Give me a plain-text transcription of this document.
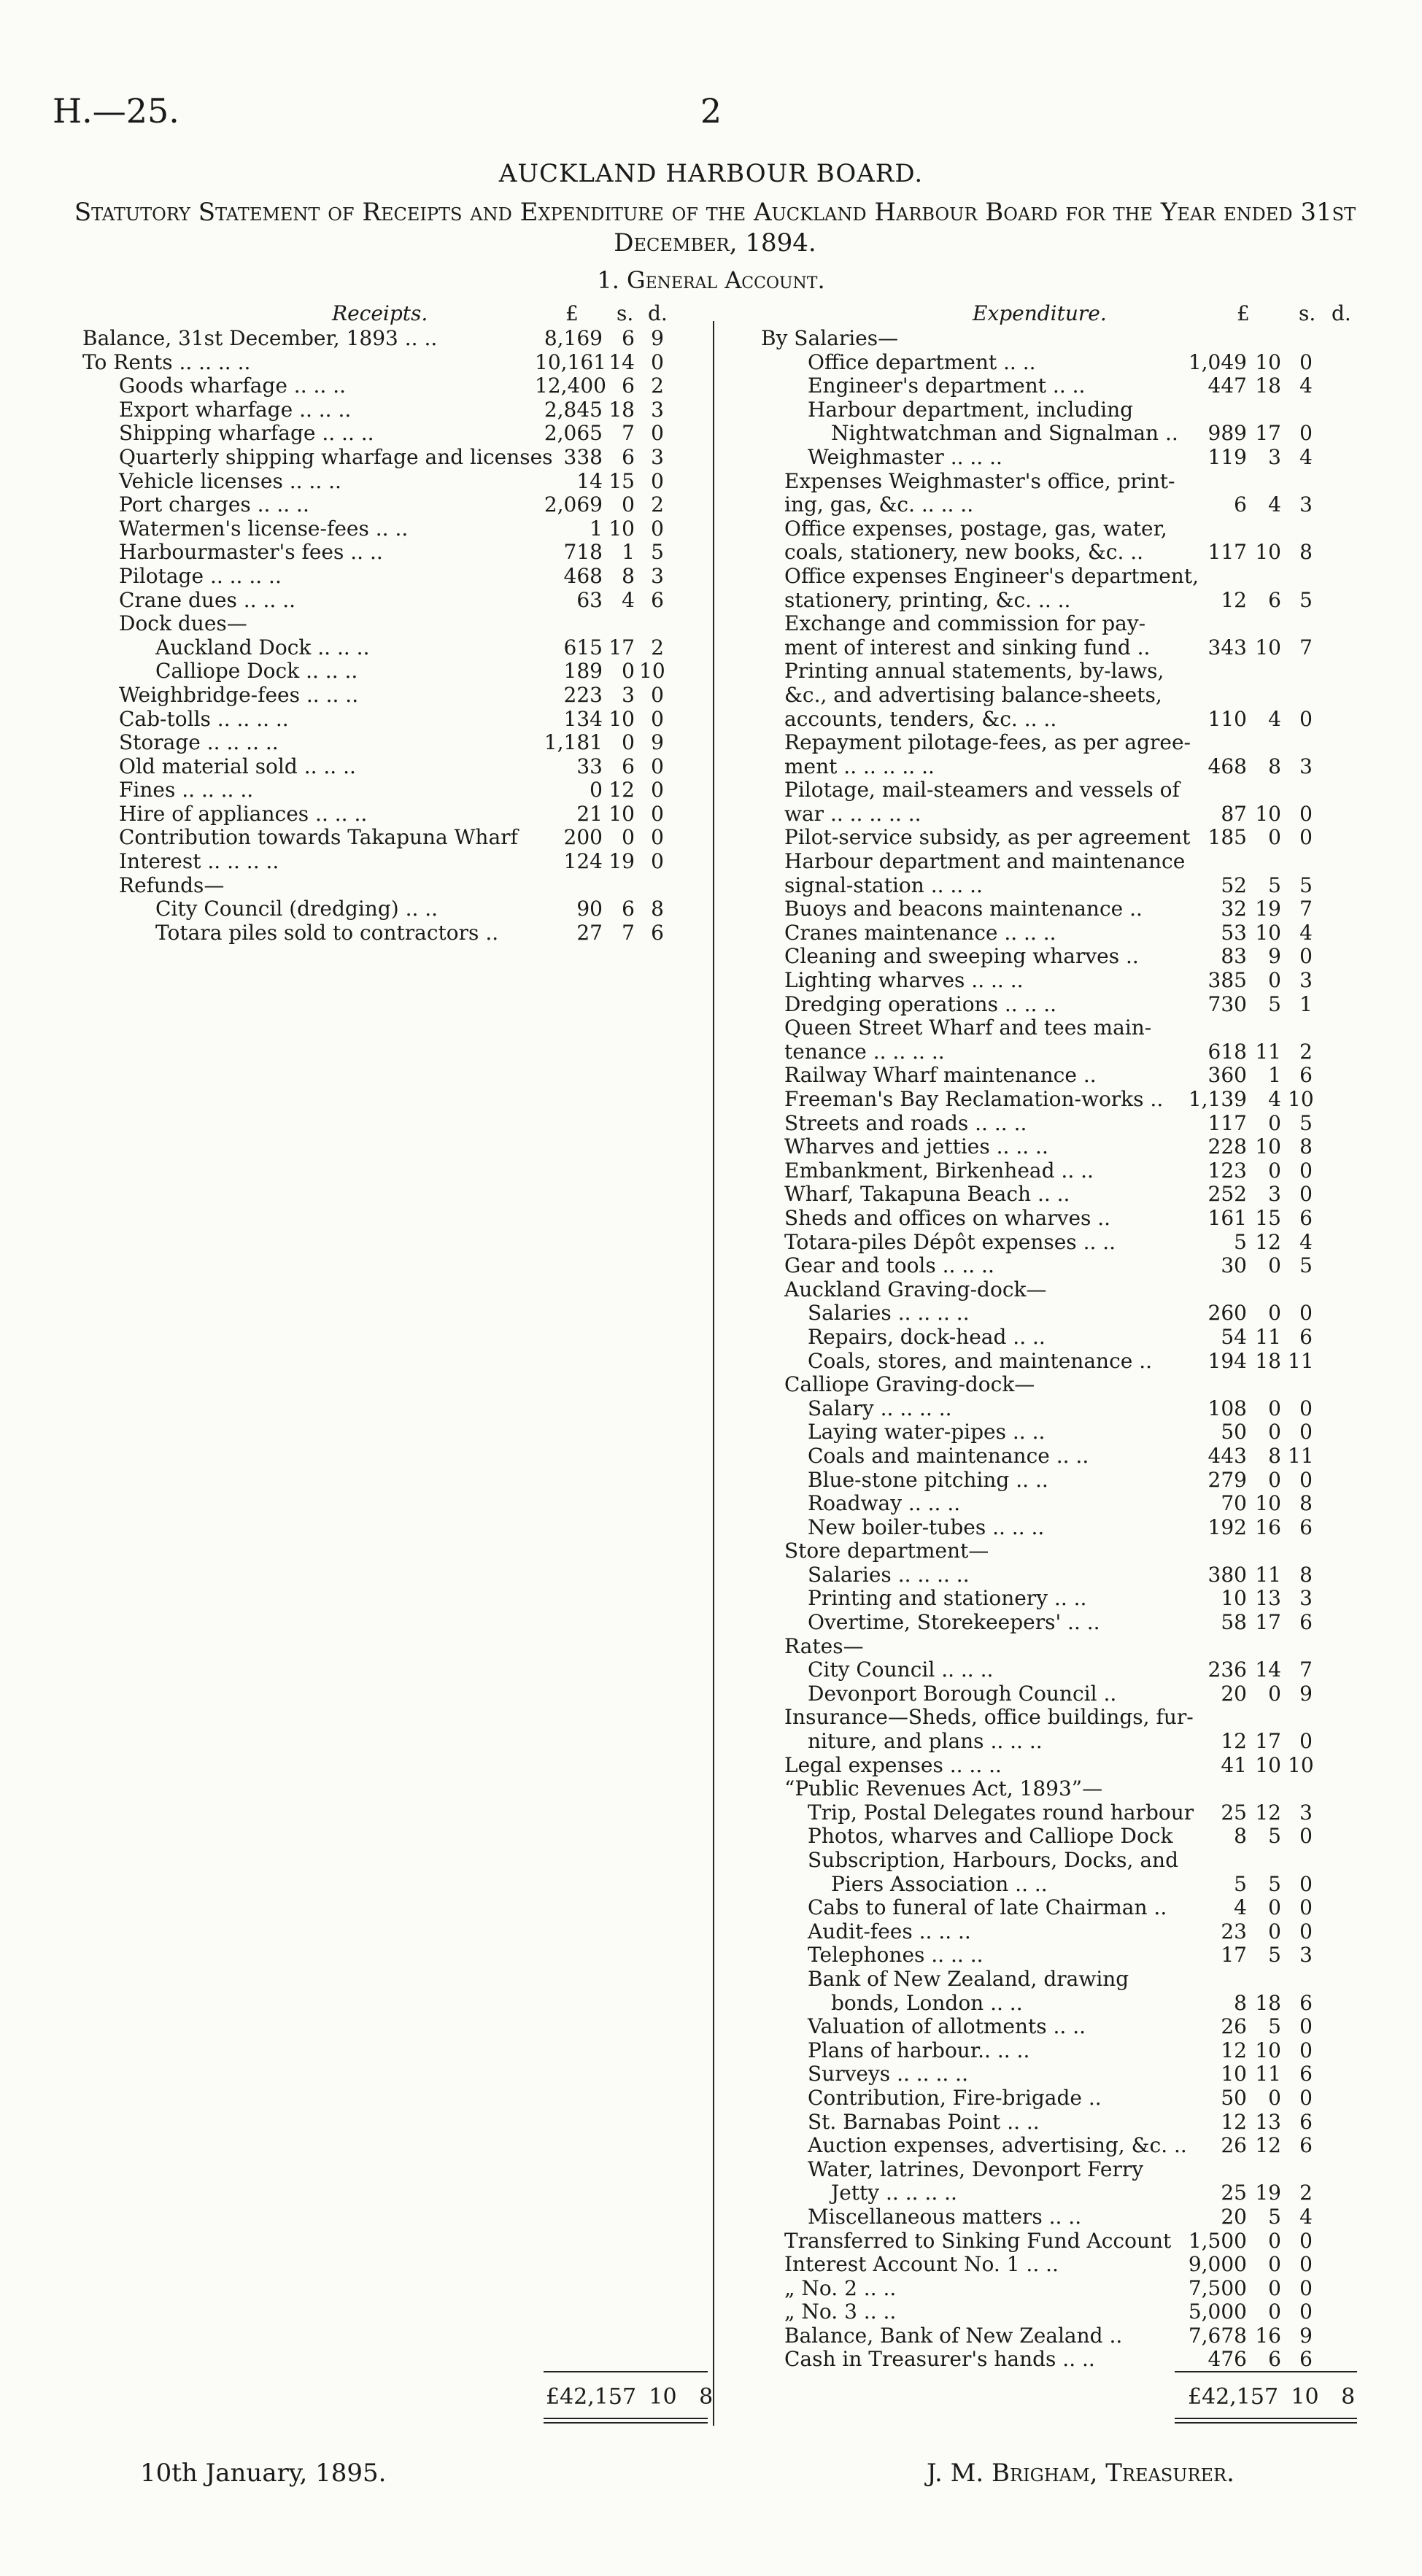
H.—25.	2
AUCKLAND HARBOUR BOARD.
Statutory Statement of Receipts and Expenditure of the Auckland Harbour Board for the Year ended 31st December, 1894.
1. General Account.
Receipts.	£ s. d.	Expenditure.	£ s. d.
Balance, 31st December, 1893 .. ..	8,169 6 9
To Rents .. .. .. ..	10,161 14 0
Goods wharfage .. .. ..	12,400 6 2
Export wharfage .. .. ..	2,845 18 3
Shipping wharfage .. .. ..	2,065 7 0
Quarterly shipping wharfage and licenses 338 6 3
Vehicle licenses .. .. ..	14 15 0
Port charges .. .. ..	2,069 0 2
Watermen's license-fees .. ..	1 10 0
Harbourmaster's fees .. ..	718 1 5
Pilotage .. .. .. ..	468 8 3
Crane dues .. .. ..	63 4 6
Dock dues—
Auckland Dock .. .. ..	615 17 2
Calliope Dock .. .. ..	189 0 10
Weighbridge-fees .. .. ..	223 3 0
Cab-tolls .. .. .. ..	134 10 0
Storage .. .. .. ..	1,181 0 9
Old material sold .. .. ..	33 6 0
Fines .. .. .. ..	0 12 0
Hire of appliances .. .. ..	21 10 0
Contribution towards Takapuna Wharf	200 0 0
Interest .. .. .. ..	124 19 0
Refunds—
City Council (dredging) .. ..	90 6 8
Totara piles sold to contractors ..	27 7 6
By Salaries—
Office department .. ..	1,049 10 0
Engineer's department .. ..	447 18 4
Harbour department, including
Nightwatchman and Signalman ..	989 17 0
Weighmaster .. .. ..	119	3 4
Expenses Weighmaster's office, print-
ing, gas, &c. .. .. ..	6	4 3
Office expenses, postage, gas, water,
coals, stationery, new books, &c. ..	117 10 8
Office expenses Engineer's department,
stationery, printing, &c. .. ..	12	6 5
Exchange and commission for pay-
ment of interest and sinking fund ..	343 10 7
Printing annual statements, by-laws,
&c., and advertising balance-sheets,
accounts, tenders, &c. .. ..	110	4 0
Repayment pilotage-fees, as per agree-
ment .. .. .. .. ..	468	8 3
Pilotage, mail-steamers and vessels of
war .. .. .. .. ..	87 10 0
Pilot-service subsidy, as per agreement 185	0 0
Harbour department and maintenance
signal-station .. .. ..	52	5 5
Buoys and beacons maintenance ..	32 19 7
Cranes maintenance .. .. ..	53 10 4
Cleaning and sweeping wharves ..	83	9 0
Lighting wharves .. .. ..	385	0 3
Dredging operations .. .. ..	730	5 1
Queen Street Wharf and tees main-
tenance .. .. .. ..	618 11 2
Railway Wharf maintenance ..	360	1 6
Freeman's Bay Reclamation-works ..	1,139	4 10
Streets and roads .. .. ..	117	0 5
Wharves and jetties .. .. ..	228 10 8
Embankment, Birkenhead .. ..	123	0 0
Wharf, Takapuna Beach .. ..	252	3 0
Sheds and offices on wharves ..	161 15 6
Totara-piles Dépôt expenses .. ..	5 12 4
Gear and tools .. .. ..	30	0 5
Auckland Graving-dock—
Salaries .. .. .. ..	260	0 0
Repairs, dock-head .. ..	54 11 6
Coals, stores, and maintenance ..	194 18 11
Calliope Graving-dock—
Salary .. .. .. ..	108	0 0
Laying water-pipes .. ..	50	0 0
Coals and maintenance .. ..	443	8 11
Blue-stone pitching .. ..	279	0 0
Roadway .. .. ..	70 10 8
New boiler-tubes .. .. ..	192 16 6
Store department—
Salaries .. .. .. ..	380 11 8
Printing and stationery .. ..	10 13 3
Overtime, Storekeepers' .. ..	58 17 6
Rates—
City Council .. .. ..	236 14 7
Devonport Borough Council ..	20	0 9
Insurance—Sheds, office buildings, fur-
niture, and plans .. .. ..	12 17 0
Legal expenses .. .. ..	41 10 10
“Public Revenues Act, 1893”—
Trip, Postal Delegates round harbour	25 12 3
Photos, wharves and Calliope Dock	8	5 0
Subscription, Harbours, Docks, and
Piers Association .. ..	5	5 0
Cabs to funeral of late Chairman ..	4	0 0
Audit-fees .. .. ..	23	0 0
Telephones .. .. ..	17	5 3
Bank of New Zealand, drawing
bonds, London .. ..	8 18 6
Valuation of allotments .. ..	26	5 0
Plans of harbour.. .. ..	12 10 0
Surveys .. .. .. ..	10 11 6
Contribution, Fire-brigade ..	50	0 0
St. Barnabas Point .. ..	12 13 6
Auction expenses, advertising, &c. ..	26 12 6
Water, latrines, Devonport Ferry
Jetty .. .. .. ..	25 19 2
Miscellaneous matters .. ..	20	5 4
Transferred to Sinking Fund Account 1,500	0 0
Interest Account No. 1 .. ..	9,000	0 0
„ No. 2 .. ..	7,500	0 0
„ No. 3 .. ..	5,000	0 0
Balance, Bank of New Zealand ..	7,678 16 9
Cash in Treasurer's hands .. ..	476	6 6
£42,157 10 8	£42,157 10 8
10th January, 1895.	J. M. Brigham, Treasurer.
